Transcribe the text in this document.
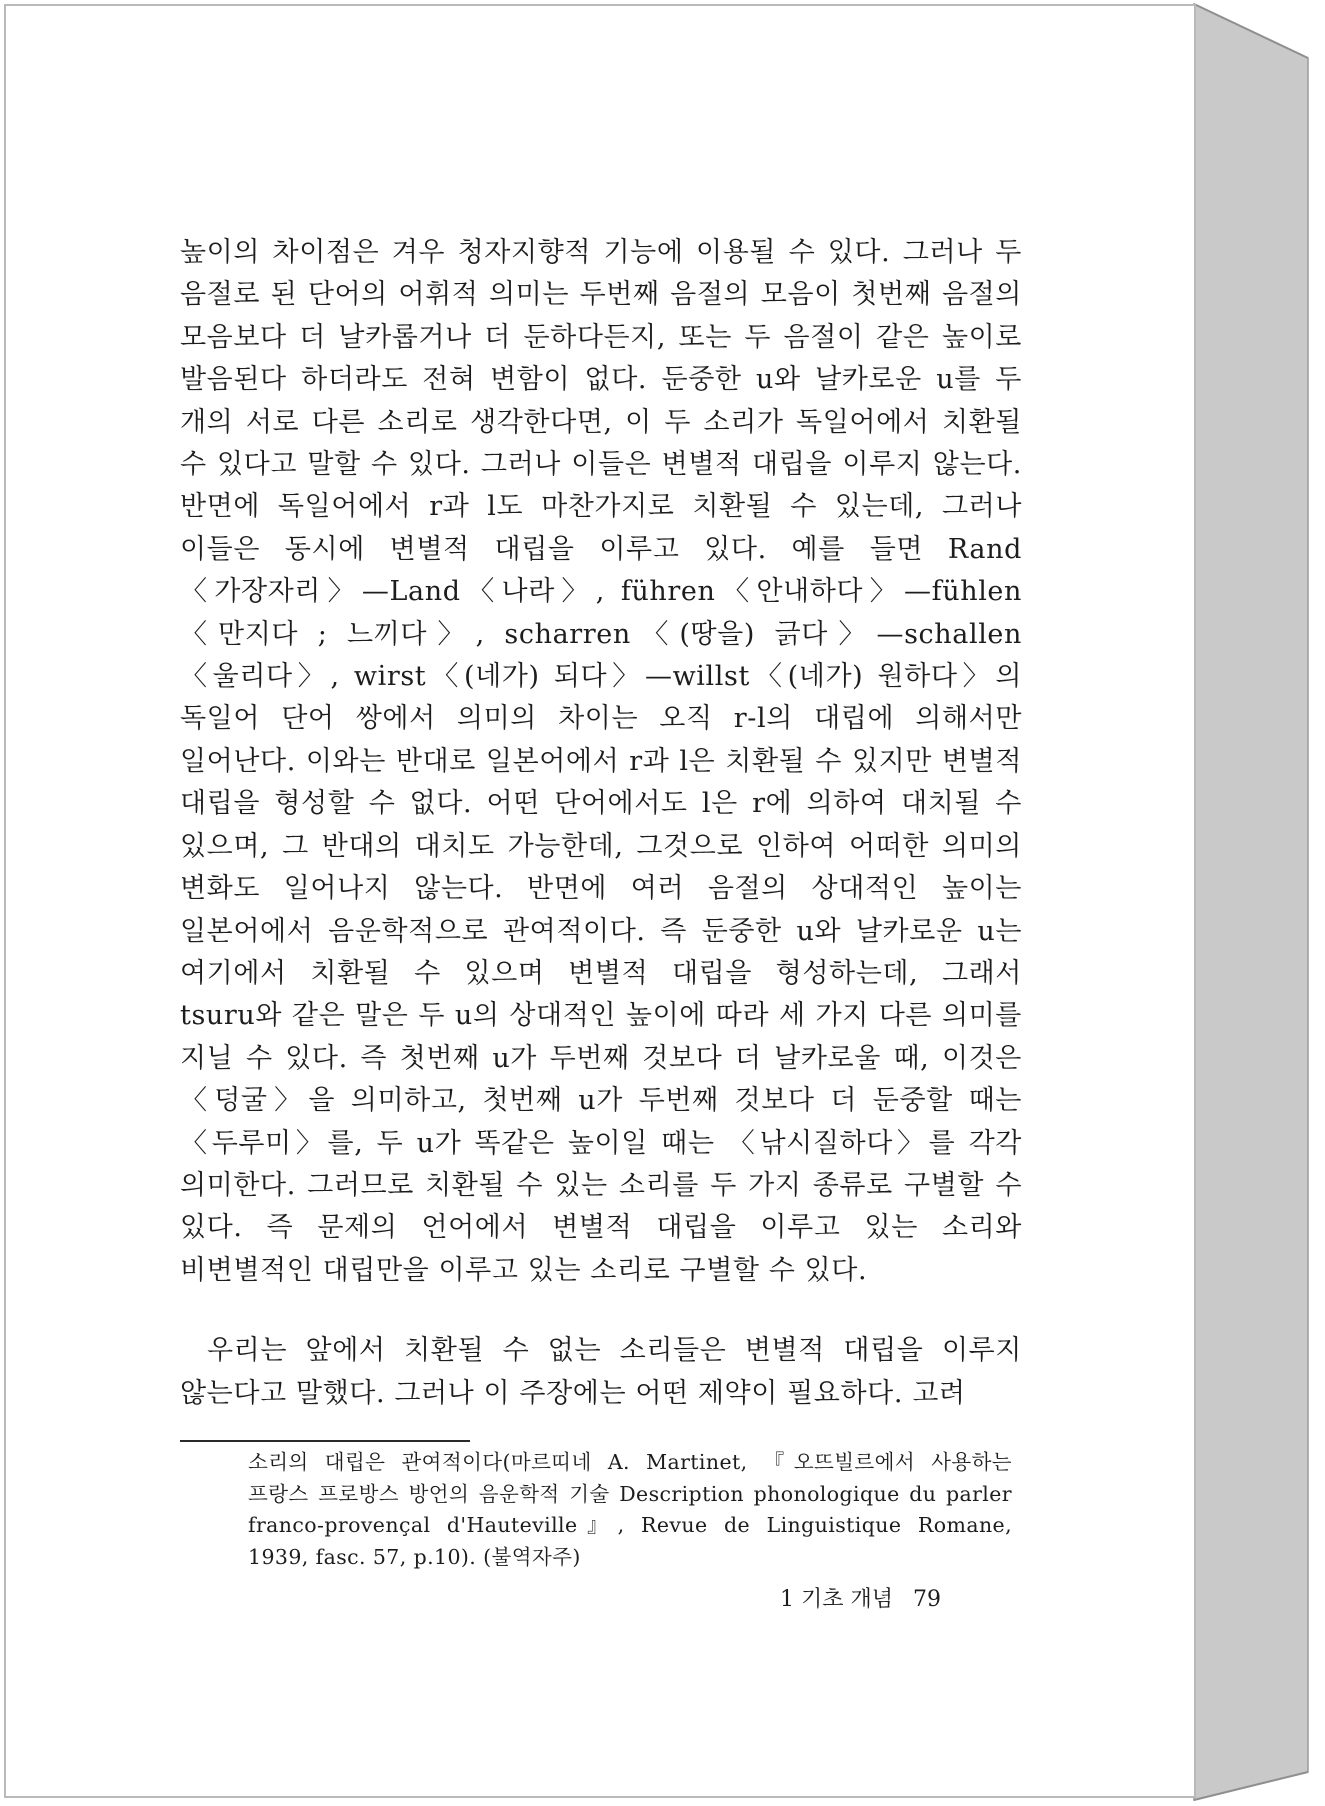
높이의 차이점은 겨우 청자지향적 기능에 이용될 수 있다. 그러나 두 음절로 된 단어의 어휘적 의미는 두번째 음절의 모음이 첫번째 음절의 모음보다 더 날카롭거나 더 둔하다든지, 또는 두 음절이 같은 높이로 발음된다 하더라도 전혀 변함이 없다. 둔중한 u와 날카로운 u를 두 개의 서로 다른 소리로 생각한다면, 이 두 소리가 독일어에서 치환될 수 있다고 말할 수 있다. 그러나 이들은 변별적 대립을 이루지 않는다. 반면에 독일어에서 r과 l도 마찬가지로 치환될 수 있는데, 그러나 이들은 동시에 변별적 대립을 이루고 있다. 예를 들면 Rand〈가장자리〉—Land〈나라〉, führen〈안내하다〉—fühlen〈만지다 ; 느끼다〉, scharren〈(땅을) 긁다〉—schallen〈울리다〉, wirst〈(네가) 되다〉—willst〈(네가) 원하다〉의 독일어 단어 쌍에서 의미의 차이는 오직 r-l의 대립에 의해서만 일어난다. 이와는 반대로 일본어에서 r과 l은 치환될 수 있지만 변별적 대립을 형성할 수 없다. 어떤 단어에서도 l은 r에 의하여 대치될 수 있으며, 그 반대의 대치도 가능한데, 그것으로 인하여 어떠한 의미의 변화도 일어나지 않는다. 반면에 여러 음절의 상대적인 높이는 일본어에서 음운학적으로 관여적이다. 즉 둔중한 u와 날카로운 u는 여기에서 치환될 수 있으며 변별적 대립을 형성하는데, 그래서 tsuru와 같은 말은 두 u의 상대적인 높이에 따라 세 가지 다른 의미를 지닐 수 있다. 즉 첫번째 u가 두번째 것보다 더 날카로울 때, 이것은 〈덩굴〉을 의미하고, 첫번째 u가 두번째 것보다 더 둔중할 때는 〈두루미〉를, 두 u가 똑같은 높이일 때는 〈낚시질하다〉를 각각 의미한다. 그러므로 치환될 수 있는 소리를 두 가지 종류로 구별할 수 있다. 즉 문제의 언어에서 변별적 대립을 이루고 있는 소리와 비변별적인 대립만을 이루고 있는 소리로 구별할 수 있다.

우리는 앞에서 치환될 수 없는 소리들은 변별적 대립을 이루지 않는다고 말했다. 그러나 이 주장에는 어떤 제약이 필요하다. 고려

소리의 대립은 관여적이다(마르띠네 A. Martinet, 『오뜨빌르에서 사용하는 프랑스 프로방스 방언의 음운학적 기술 Description phonologique du parler franco-provençal d'Hauteville』, Revue de Linguistique Romane, 1939, fasc. 57, p.10). (불역자주)

1 기초 개념 79
